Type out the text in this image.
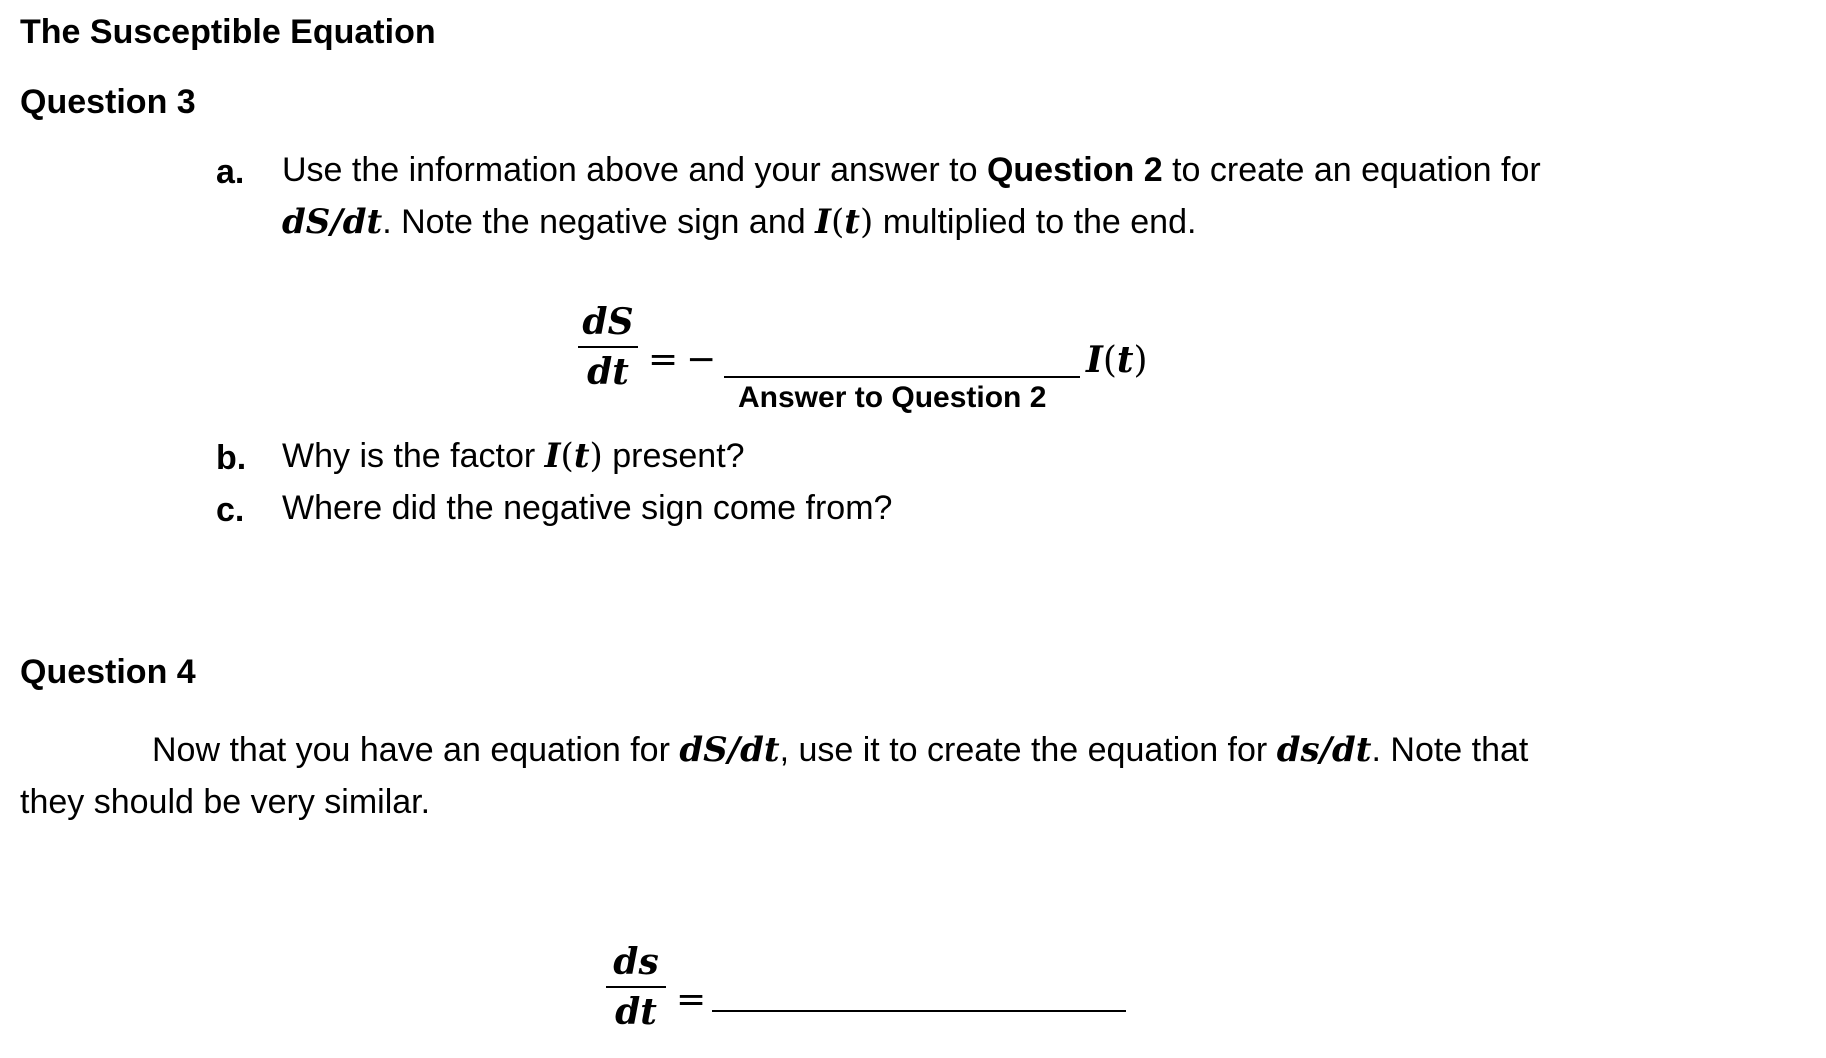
The Susceptible Equation
Question 3
a. Use the information above and your answer to Question 2 to create an equation for
dS/dt. Note the negative sign and I(t) multiplied to the end.
dS
dt = −
Answer to Question 2
I(t)
b. Why is the factor I(t) present?
c. Where did the negative sign come from?
Question 4
Now that you have an equation for dS/dt, use it to create the equation for ds/dt. Note that
they should be very similar.
ds
dt =
